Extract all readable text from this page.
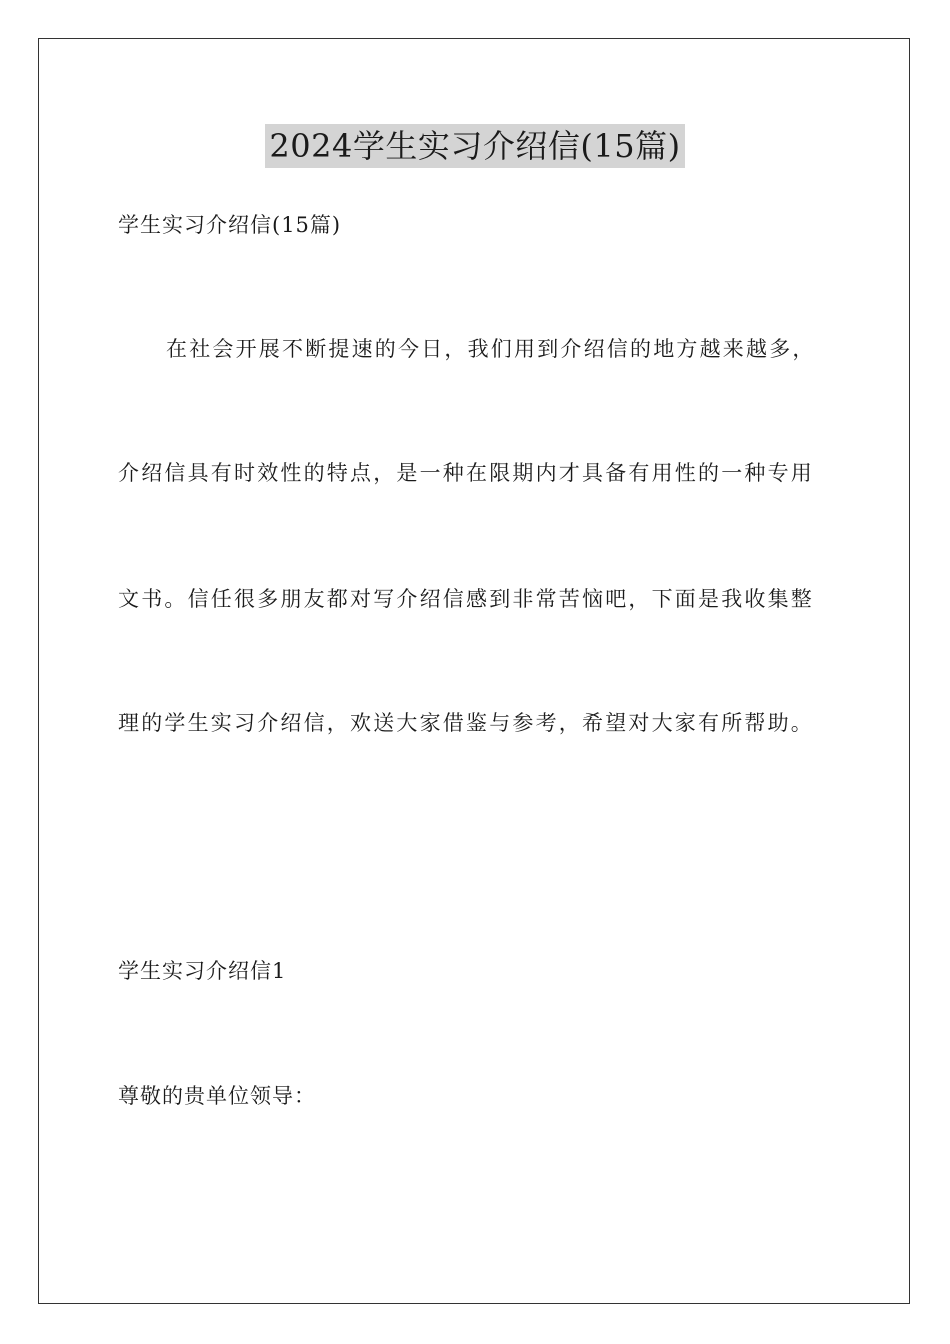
2024学生实习介绍信(15篇)
学生实习介绍信(15篇)
在社会开展不断提速的今日，我们用到介绍信的地方越来越多，
介绍信具有时效性的特点，是一种在限期内才具备有用性的一种专用
文书。信任很多朋友都对写介绍信感到非常苦恼吧，下面是我收集整
理的学生实习介绍信，欢送大家借鉴与参考，希望对大家有所帮助。
学生实习介绍信1
尊敬的贵单位领导：
